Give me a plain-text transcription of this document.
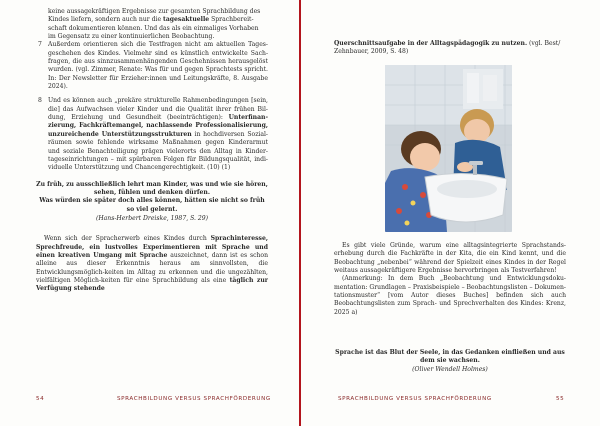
keine aussagekräftigen Ergebnisse zur gesamten Sprachbildung des
Kindes liefern, sondern auch nur die tagesaktuelle Sprachbereit-
schaft dokumentieren können. Und das als ein einmaliges Vorhaben
im Gegensatz zu einer kontinuierlichen Beobachtung.
7 Außerdem orientieren sich die Testfragen nicht am aktuellen Tages-geschehen des Kindes. Vielmehr sind es künstlich entwickelte Sach-fragen, die aus sinnzusammenhängenden Geschehnissen herausgelöst wurden. (vgl. Zimmer, Renate: Was für und gegen Sprachtests spricht. In: Der Newsletter für Erzieher:innen und Leitungskräfte, 8. Ausgabe 2024).
8 Und es können auch „prekäre strukturelle Rahmenbedingungen [sein, die] das Aufwachsen vieler Kinder und die Qualität ihrer frühen Bil-dung, Erziehung und Gesundheit (beeinträchtigen): Unterfinan-zierung, Fachkräftemangel, nachlassende Professionalisierung, unzureichende Unterstützungsstrukturen in hochdiversen Sozial-räumen sowie fehlende wirksame Maßnahmen gegen Kinderarmut und soziale Benachteiligung prägen vielerorts den Alltag in Kinder-tageseinrichtungen – mit spürbaren Folgen für Bildungsqualität, indi-viduelle Unterstützung und Chancengerechtigkeit. (10) (1)
Zu früh, zu ausschließlich lehrt man Kinder, was und wie sie hören,
sehen, fühlen und denken dürfen.
Was würden sie später doch alles können, hätten sie nicht so früh
so viel gelernt.
(Hans-Herbert Dreiske, 1987, S. 29)

Wenn sich der Spracherwerb eines Kindes durch Sprachinteresse, Sprechfreude, ein lustvolles Experimentieren mit Sprache und einen kreativen Umgang mit Sprache auszeichnet, dann ist es schon alleine aus dieser Erkenntnis heraus am sinnvollsten, die Entwicklungsmöglich-keiten im Alltag zu erkennen und die ungezählten, vielfältigen Möglich-keiten für eine Sprachbildung als eine täglich zur Verfügung stehende

54	SPRACHBILDUNG VERSUS SPRACHFÖRDERUNG
Querschnittsaufgabe in der Alltagspädagogik zu nutzen. (vgl. Best/ Zehnbauer, 2009, S. 48)

Es gibt viele Gründe, warum eine alltagsintegrierte Sprachstands-erhebung durch die Fachkräfte in der Kita, die ein Kind kennt, und die Beobachtung „nebenbei“ während der Spielzeit eines Kindes in der Regel weitaus aussagekräftigere Ergebnisse hervorbringen als Testverfahren!

(Anmerkung: In dem Buch „Beobachtung und Entwicklungsdoku-mentation: Grundlagen – Praxisbeispiele – Beobachtungslisten – Dokumen-tationsmuster“ [vom Autor dieses Buches] befinden sich auch Beobachtungslisten zum Sprach- und Sprechverhalten des Kindes: Krenz, 2025 a)

Sprache ist das Blut der Seele, in das Gedanken einfließen und aus
dem sie wachsen.
(Oliver Wendell Holmes)
SPRACHBILDUNG VERSUS SPRACHFÖRDERUNG	55
